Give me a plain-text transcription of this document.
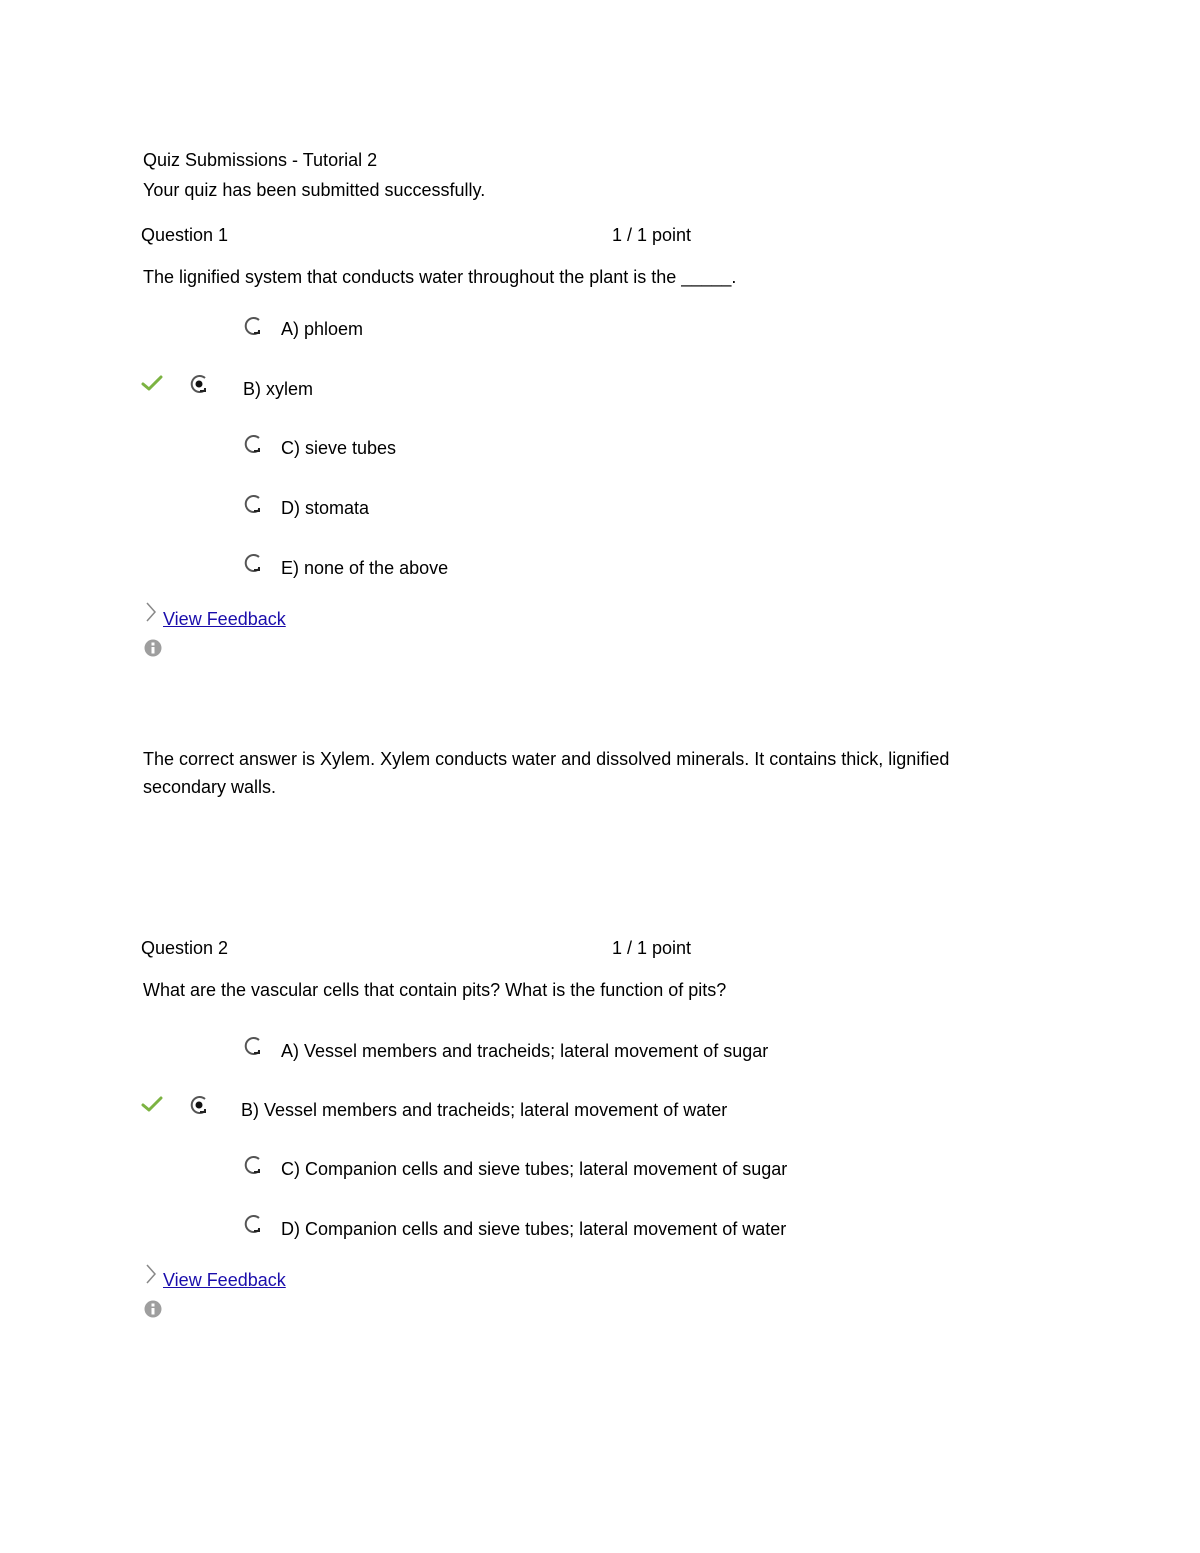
Quiz Submissions - Tutorial 2
Your quiz has been submitted successfully.
Question 1	1 / 1 point
The lignified system that conducts water throughout the plant is the _____.
A) phloem
B) xylem
C) sieve tubes
D) stomata
E) none of the above
View Feedback
The correct answer is Xylem. Xylem conducts water and dissolved minerals. It contains thick, lignified
secondary walls.
Question 2	1 / 1 point
What are the vascular cells that contain pits? What is the function of pits?
A) Vessel members and tracheids; lateral movement of sugar
B) Vessel members and tracheids; lateral movement of water
C) Companion cells and sieve tubes; lateral movement of sugar
D) Companion cells and sieve tubes; lateral movement of water
View Feedback
